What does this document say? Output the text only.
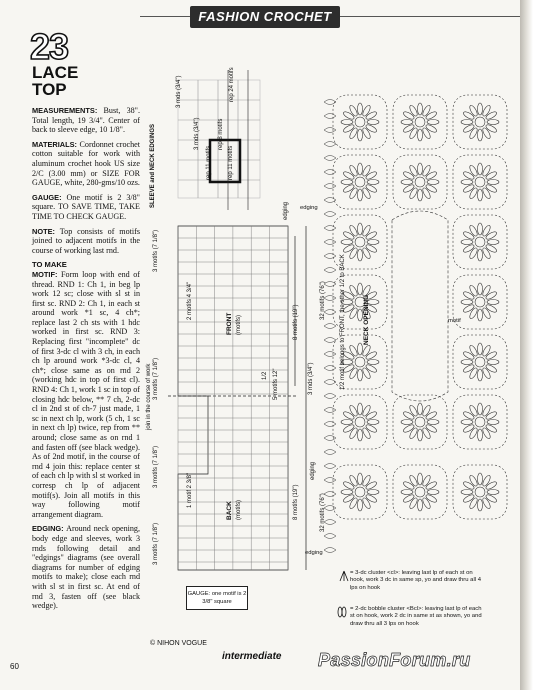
FASHION CROCHET
23
LACE
TOP

MEASUREMENTS: Bust, 38". Total length, 19 3/4". Center of back to sleeve edge, 10 1/8".

MATERIALS: Cordonnet crochet cotton suitable for work with aluminum crochet hook US size 2/C (3.00 mm) or SIZE FOR GAUGE, white, 280-gms/10 ozs.

GAUGE: One motif is 2 3/8" square. TO SAVE TIME, TAKE TIME TO CHECK GAUGE.

NOTE: Top consists of motifs joined to adjacent motifs in the course of working last rnd.

TO MAKE

MOTIF: Form loop with end of thread. RND 1: Ch 1, in beg lp work 12 sc; close with sl st in first sc. RND 2: Ch 1, in each st around work *1 sc, 4 ch*; replace last 2 ch sts with 1 hdc worked in first sc. RND 3: Replacing first "incomplete" dc of first 3-dc cl with 3 ch, in each ch lp around work *3-dc cl, 4 ch*; close same as on rnd 2 (working hdc in top of first cl). RND 4: Ch 1, work 1 sc in top of closing hdc below, ** 7 ch, 2-dc cl in 2nd st of ch-7 just made, 1 sc in next ch lp, work (5 ch, 1 sc in next ch lp) twice, rep from ** around; close same as on rnd 1 and fasten off (see black wedge). As of 2nd motif, in the course of rnd 4 join this: replace center st of each ch lp with sl st worked in corresp ch lp of adjacent motif(s). Join all motifs in this way following motif arrangement diagram.

EDGING: Around neck opening, body edge and sleeves, work 3 rnds following detail and "edgings" diagrams (see overall diagrams for number of edging motifs to make); close each rnd with sl st in first sc. At end of rnd 3, fasten off (see black wedge).

SLEEVE and NECK EDGINGS
3 mds (3/4")	rep 24 motifs
3 mds (3/4")	rep 8 motifs
rep 11 motifs	rep 11 motifs
edging
FRONT (motifs)
BACK (motifs)
3 motifs (7 1/8")
2 motifs 4 3/4"
8 motifs (19")
32 motifs (76")
5 motifs 12"
1/2	3 mds (3/4")
1 motif 2 3/8"
join in the course of work
edging
3 motifs (7 1/8")
3 motifs (7 1/8")
8 motifs (19")	32 motifs (76")
3 motifs (7 1/8")
GAUGE: one motif is 2 3/8" square
NECK OPENING	motif
edging
edging
= 3-dc cluster <cl>: leaving last lp of each st on hook, work 3 dc in same sp, yo and draw thru all 4 lps on hook
= 2-dc bobble cluster <Bcl>: leaving last lp of each st on hook, work 2 dc in same st as shown, yo and draw thru all 3 lps on hook
© NIHON VOGUE
60
intermediate PassionForum.ru
